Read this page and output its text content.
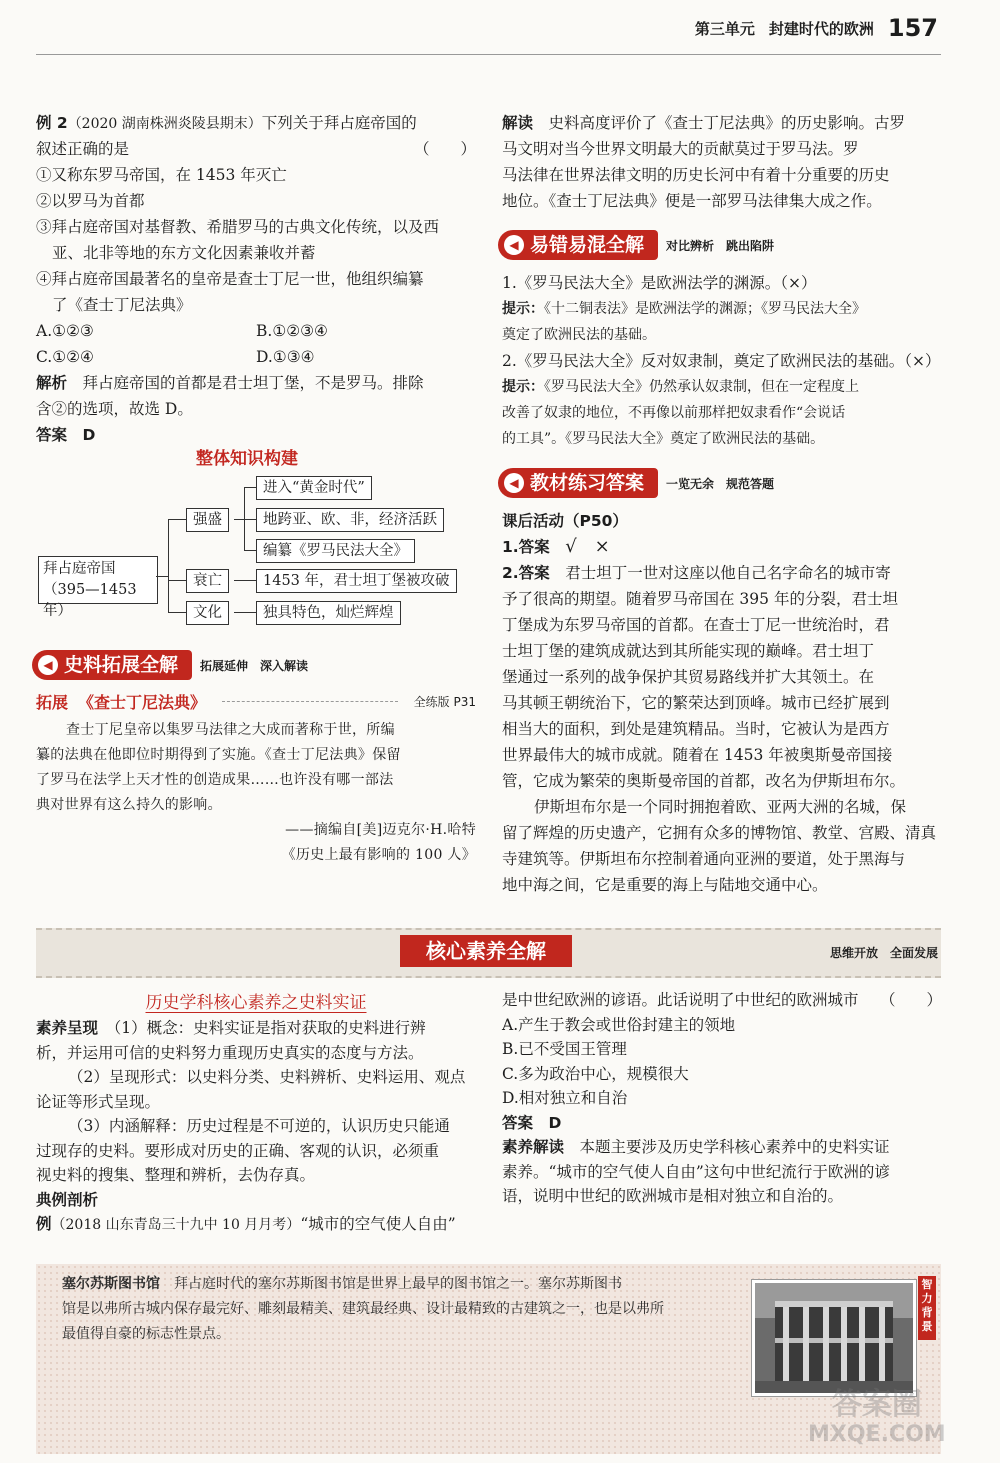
第三单元 封建时代的欧洲 157

例 2（2020 湖南株洲炎陵县期末）下列关于拜占庭帝国的

叙述正确的是	（　　）

①又称东罗马帝国，在 1453 年灭亡

②以罗马为首都

③拜占庭帝国对基督教、希腊罗马的古典文化传统，以及西

亚、北非等地的东方文化因素兼收并蓄

④拜占庭帝国最著名的皇帝是查士丁尼一世，他组织编纂

了《查士丁尼法典》

A.①②③	B.①②③④

C.①②④	D.①③④

解析　 拜占庭帝国的首都是君士坦丁堡，不是罗马。排除

含②的选项，故选 D。

答案　 D

整体知识构建
拜占庭帝国
（395—1453 年）
强盛
衰亡
文化
进入“黄金时代”
地跨亚、欧、非，经济活跃
编纂《罗马民法大全》
1453 年，君士坦丁堡被攻破
独具特色，灿烂辉煌
◀ 史料拓展全解 拓展延伸　深入解读
拓展 《查士丁尼法典》	全练版 P31

查士丁尼皇帝以集罗马法律之大成而著称于世，所编

纂的法典在他即位时期得到了实施。《查士丁尼法典》保留

了罗马在法学上天才性的创造成果……也许没有哪一部法

典对世界有这么持久的影响。

——摘编自[美]迈克尔·H.哈特

《历史上最有影响的 100 人》

解读　 史料高度评价了《查士丁尼法典》的历史影响。古罗

马文明对当今世界文明最大的贡献莫过于罗马法。罗

马法律在世界法律文明的历史长河中有着十分重要的历史

地位。《查士丁尼法典》便是一部罗马法律集大成之作。

◀ 易错易混全解 对比辨析　跳出陷阱

1.《罗马民法大全》是欧洲法学的渊源。（×）

提示：《十二铜表法》是欧洲法学的渊源；《罗马民法大全》

奠定了欧洲民法的基础。

2.《罗马民法大全》反对奴隶制，奠定了欧洲民法的基础。（×）

提示：《罗马民法大全》仍然承认奴隶制，但在一定程度上

改善了奴隶的地位，不再像以前那样把奴隶看作“会说话

的工具”。《罗马民法大全》奠定了欧洲民法的基础。

◀ 教材练习答案 一览无余　规范答题

课后活动（P50）

1.答案　 √　×

2.答案　 君士坦丁一世对这座以他自己名字命名的城市寄

予了很高的期望。随着罗马帝国在 395 年的分裂，君士坦

丁堡成为东罗马帝国的首都。在查士丁尼一世统治时，君

士坦丁堡的建筑成就达到其所能实现的巅峰。君士坦丁

堡通过一系列的战争保护其贸易路线并扩大其领土。在

马其顿王朝统治下，它的繁荣达到顶峰。城市已经扩展到

相当大的面积，到处是建筑精品。当时，它被认为是西方

世界最伟大的城市成就。随着在 1453 年被奥斯曼帝国接

管，它成为繁荣的奥斯曼帝国的首都，改名为伊斯坦布尔。

伊斯坦布尔是一个同时拥抱着欧、亚两大洲的名城，保

留了辉煌的历史遗产，它拥有众多的博物馆、教堂、宫殿、清真

寺建筑等。伊斯坦布尔控制着通向亚洲的要道，处于黑海与

地中海之间，它是重要的海上与陆地交通中心。

核心素养全解	思维开放　全面发展
历史学科核心素养之史料实证

素养呈现　 （1）概念：史料实证是指对获取的史料进行辨

析，并运用可信的史料努力重现历史真实的态度与方法。

（2）呈现形式：以史料分类、史料辨析、史料运用、观点

论证等形式呈现。

（3）内涵解释：历史过程是不可逆的，认识历史只能通

过现存的史料。要形成对历史的正确、客观的认识，必须重

视史料的搜集、整理和辨析，去伪存真。

典例剖析

例（2018 山东青岛三十九中 10 月月考）“城市的空气使人自由”

是中世纪欧洲的谚语。此话说明了中世纪的欧洲城市 （　　）

A.产生于教会或世俗封建主的领地

B.已不受国王管理

C.多为政治中心，规模很大

D.相对独立和自治

答案　 D

素养解读　 本题主要涉及历史学科核心素养中的史料实证

素养。“城市的空气使人自由”这句中世纪流行于欧洲的谚

语，说明中世纪的欧洲城市是相对独立和自治的。

塞尔苏斯图书馆　 拜占庭时代的塞尔苏斯图书馆是世界上最早的图书馆之一。塞尔苏斯图书

馆是以弗所古城内保存最完好、雕刻最精美、建筑最经典、设计最精致的古建筑之一，也是以弗所

最值得自豪的标志性景点。

智力背景
答案圈
MXQE.COM
